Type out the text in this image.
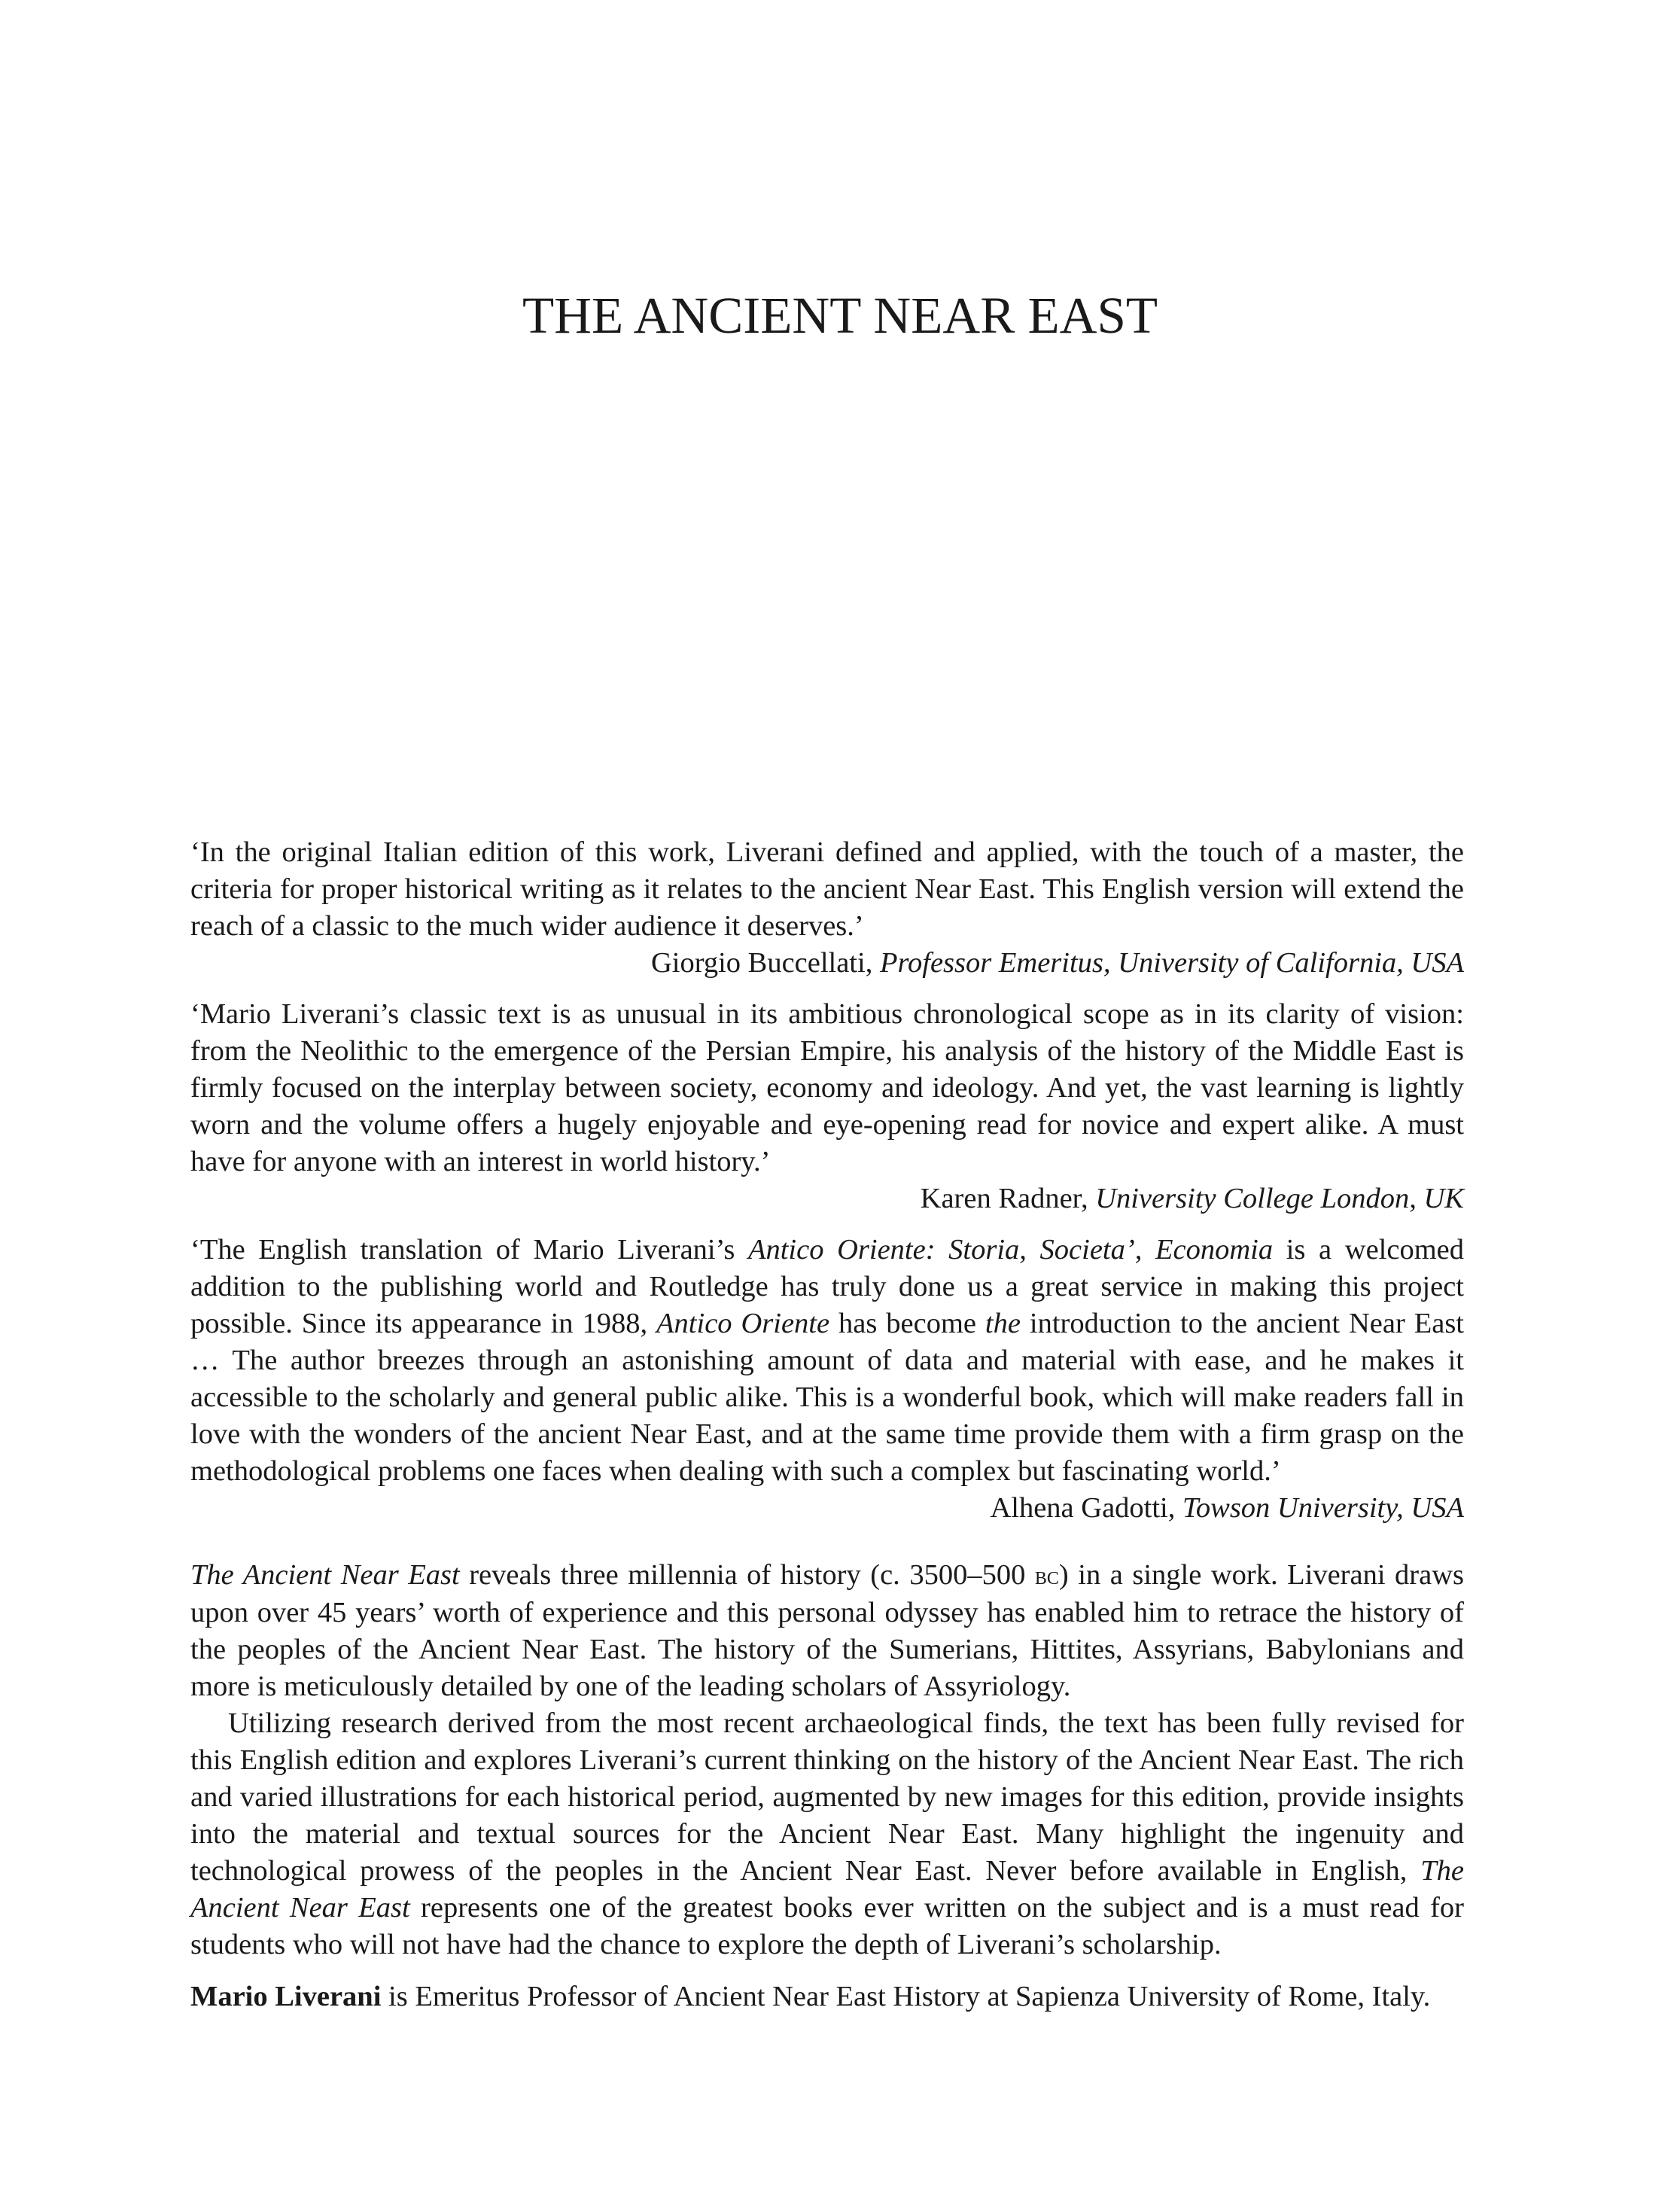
THE ANCIENT NEAR EAST

‘In the original Italian edition of this work, Liverani defined and applied, with the touch of a master, the criteria for proper historical writing as it relates to the ancient Near East. This English version will extend the reach of a classic to the much wider audience it deserves.’

Giorgio Buccellati, Professor Emeritus, University of California, USA

‘Mario Liverani’s classic text is as unusual in its ambitious chronological scope as in its clarity of vision: from the Neolithic to the emergence of the Persian Empire, his analysis of the history of the Middle East is firmly focused on the interplay between society, economy and ideology. And yet, the vast learning is lightly worn and the volume offers a hugely enjoyable and eye-opening read for novice and expert alike. A must have for anyone with an interest in world history.’

Karen Radner, University College London, UK

‘The English translation of Mario Liverani’s Antico Oriente: Storia, Societa’, Economia is a welcomed addition to the publishing world and Routledge has truly done us a great service in making this project possible. Since its appearance in 1988, Antico Oriente has become the introduction to the ancient Near East … The author breezes through an astonishing amount of data and material with ease, and he makes it accessible to the scholarly and general public alike. This is a wonderful book, which will make readers fall in love with the wonders of the ancient Near East, and at the same time provide them with a firm grasp on the methodological problems one faces when dealing with such a complex but fascinating world.’

Alhena Gadotti, Towson University, USA

The Ancient Near East reveals three millennia of history (c. 3500–500 bc) in a single work. Liverani draws upon over 45 years’ worth of experience and this personal odyssey has enabled him to retrace the history of the peoples of the Ancient Near East. The history of the Sumerians, Hittites, Assyrians, Babylonians and more is meticulously detailed by one of the leading scholars of Assyriology.

Utilizing research derived from the most recent archaeological finds, the text has been fully revised for this English edition and explores Liverani’s current thinking on the history of the Ancient Near East. The rich and varied illustrations for each historical period, augmented by new images for this edition, provide insights into the material and textual sources for the Ancient Near East. Many highlight the ingenuity and technological prowess of the peoples in the Ancient Near East. Never before available in English, The Ancient Near East represents one of the greatest books ever written on the subject and is a must read for students who will not have had the chance to explore the depth of Liverani’s scholarship.

Mario Liverani is Emeritus Professor of Ancient Near East History at Sapienza University of Rome, Italy.
